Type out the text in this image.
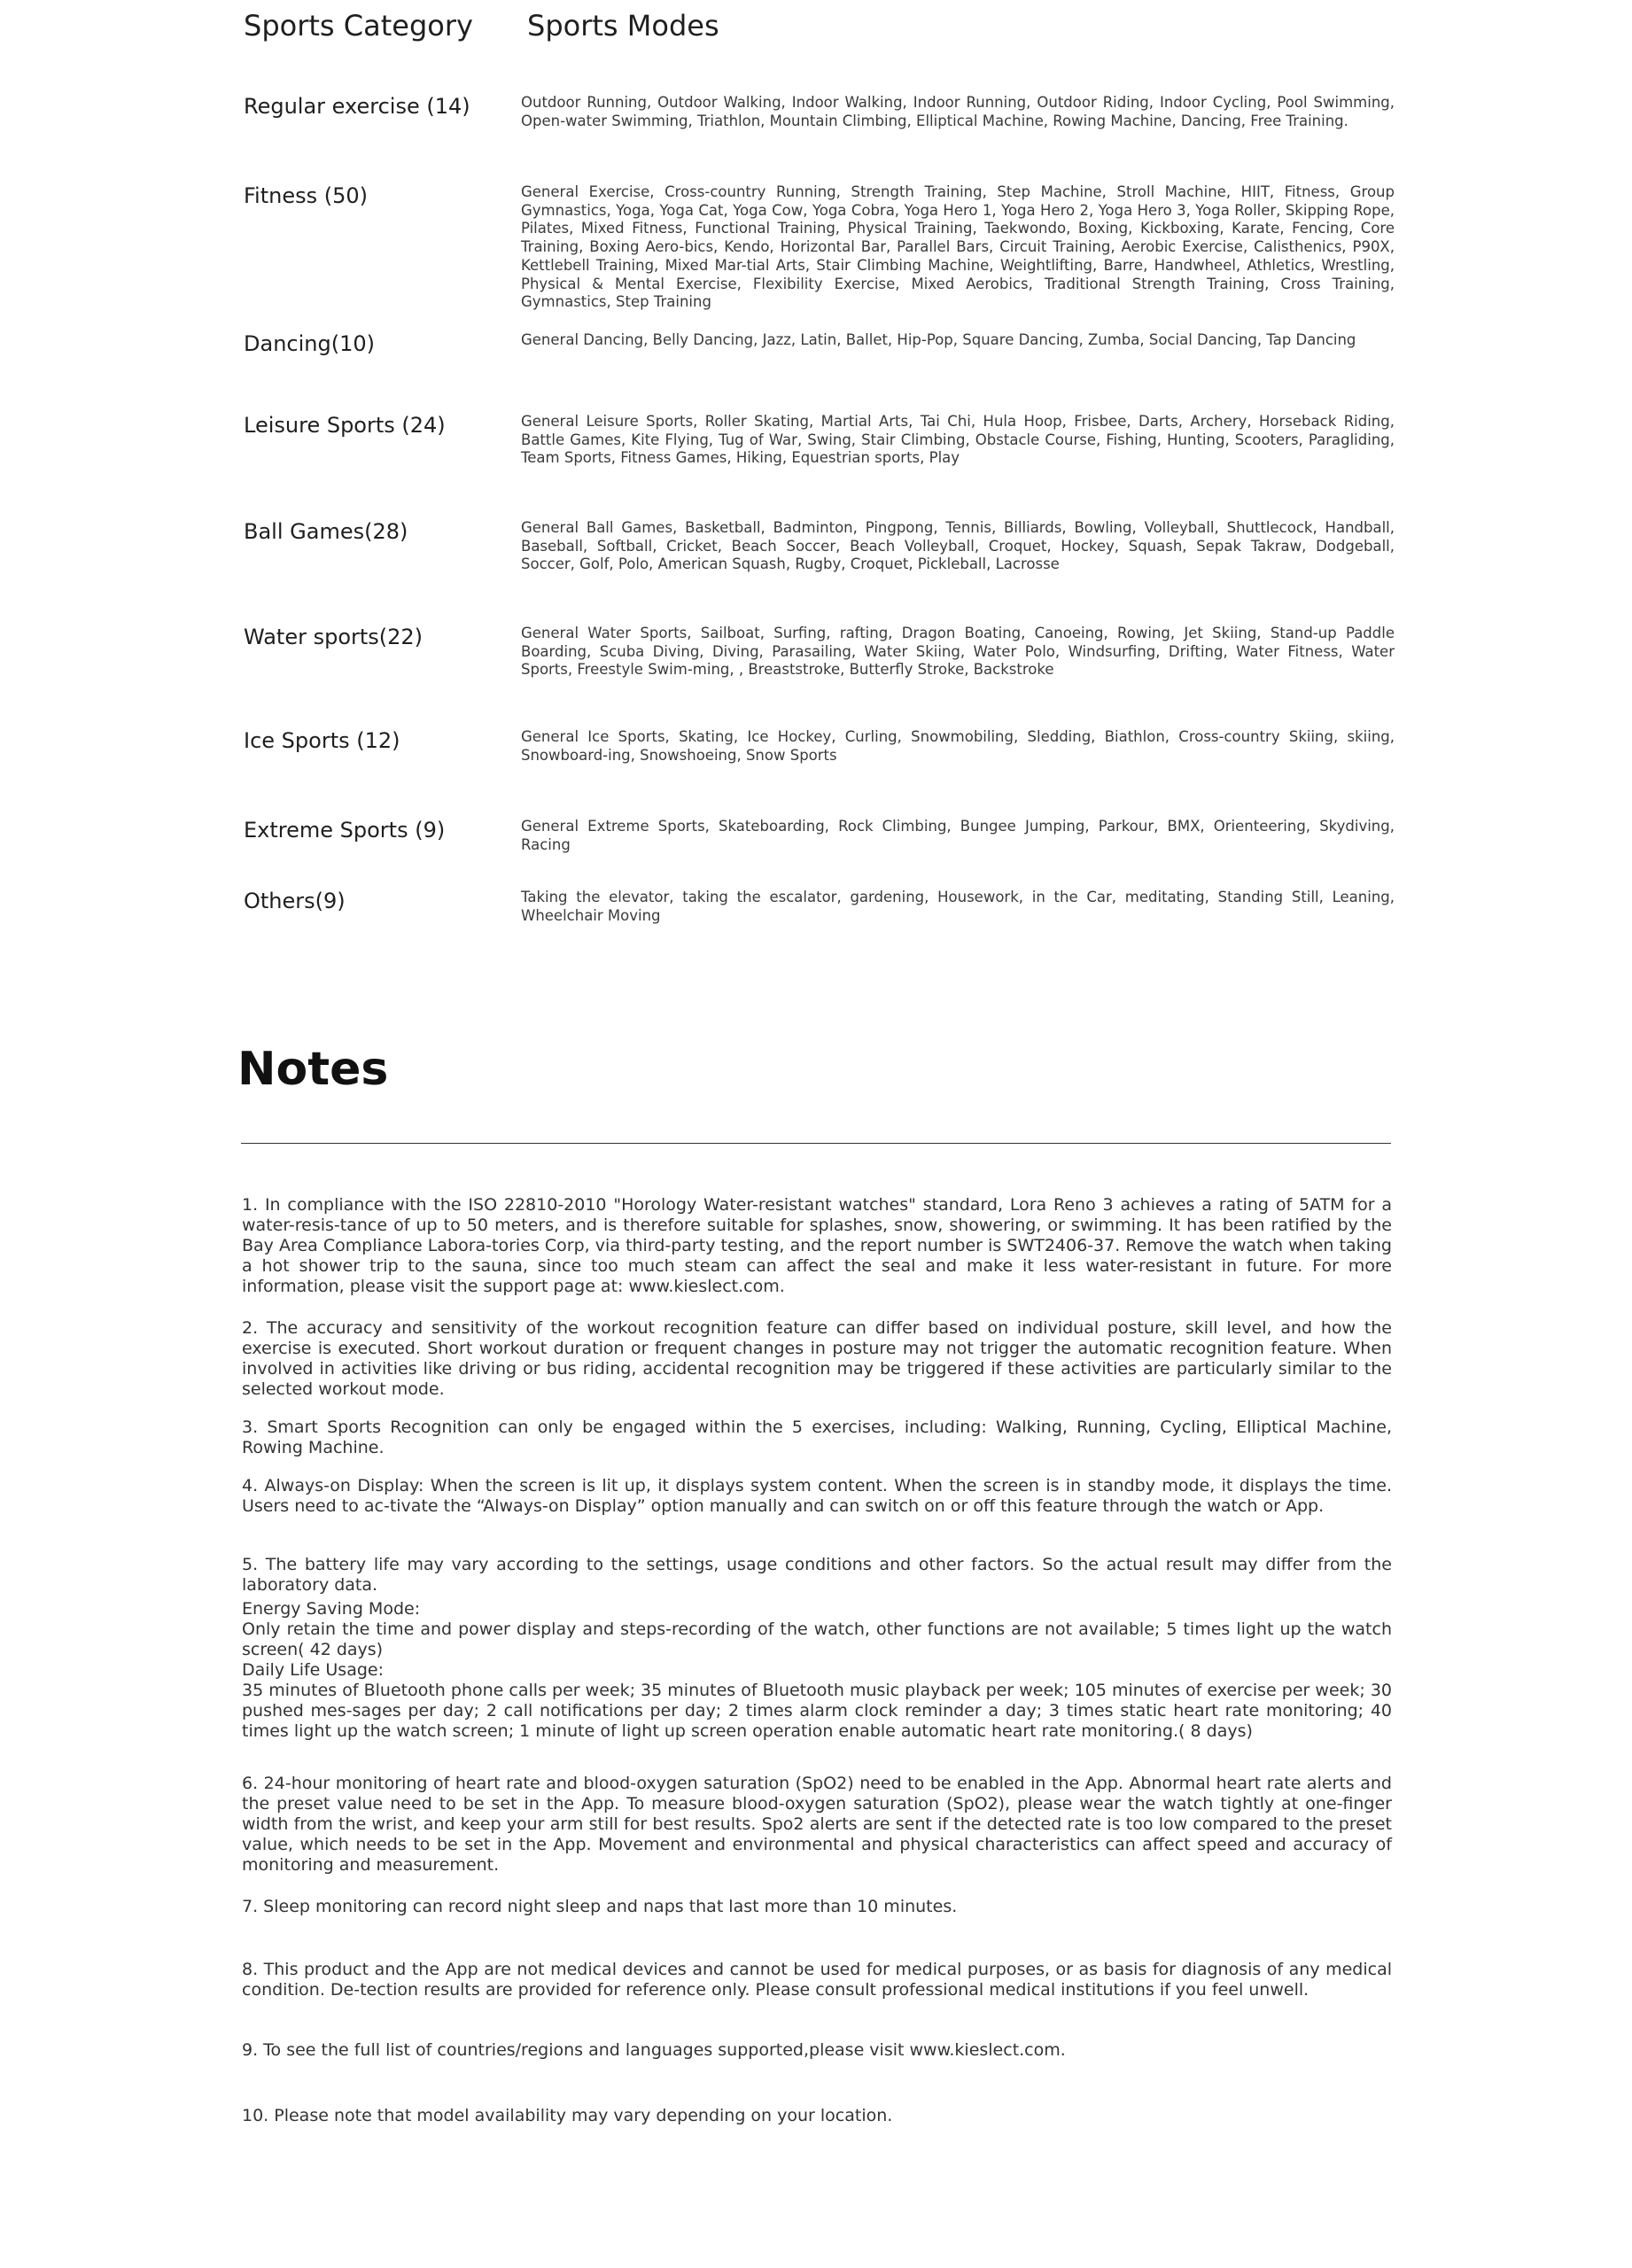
Sports Category Sports Modes
Regular exercise (14)	Outdoor Running, Outdoor Walking, Indoor Walking, Indoor Running, Outdoor Riding, Indoor Cycling, Pool Swimming, Open-water Swimming, Triathlon, Mountain Climbing, Elliptical Machine, Rowing Machine, Dancing, Free Training.
Fitness (50)	General Exercise, Cross-country Running, Strength Training, Step Machine, Stroll Machine, HIIT, Fitness, Group Gymnastics, Yoga, Yoga Cat, Yoga Cow, Yoga Cobra, Yoga Hero 1, Yoga Hero 2, Yoga Hero 3, Yoga Roller, Skipping Rope, Pilates, Mixed Fitness, Functional Training, Physical Training, Taekwondo, Boxing, Kickboxing, Karate, Fencing, Core Training, Boxing Aero-bics, Kendo, Horizontal Bar, Parallel Bars, Circuit Training, Aerobic Exercise, Calisthenics, P90X, Kettlebell Training, Mixed Mar-tial Arts, Stair Climbing Machine, Weightlifting, Barre, Handwheel, Athletics, Wrestling, Physical & Mental Exercise, Flexibility Exercise, Mixed Aerobics, Traditional Strength Training, Cross Training, Gymnastics, Step Training
Dancing(10)	General Dancing, Belly Dancing, Jazz, Latin, Ballet, Hip-Pop, Square Dancing, Zumba, Social Dancing, Tap Dancing
Leisure Sports (24)	General Leisure Sports, Roller Skating, Martial Arts, Tai Chi, Hula Hoop, Frisbee, Darts, Archery, Horseback Riding, Battle Games, Kite Flying, Tug of War, Swing, Stair Climbing, Obstacle Course, Fishing, Hunting, Scooters, Paragliding, Team Sports, Fitness Games, Hiking, Equestrian sports, Play
Ball Games(28)	General Ball Games, Basketball, Badminton, Pingpong, Tennis, Billiards, Bowling, Volleyball, Shuttlecock, Handball, Baseball, Softball, Cricket, Beach Soccer, Beach Volleyball, Croquet, Hockey, Squash, Sepak Takraw, Dodgeball, Soccer, Golf, Polo, American Squash, Rugby, Croquet, Pickleball, Lacrosse
Water sports(22)	General Water Sports, Sailboat, Surfing, rafting, Dragon Boating, Canoeing, Rowing, Jet Skiing, Stand-up Paddle Boarding, Scuba Diving, Diving, Parasailing, Water Skiing, Water Polo, Windsurfing, Drifting, Water Fitness, Water Sports, Freestyle Swim-ming, , Breaststroke, Butterfly Stroke, Backstroke
Ice Sports (12)	General Ice Sports, Skating, Ice Hockey, Curling, Snowmobiling, Sledding, Biathlon, Cross-country Skiing, skiing, Snowboard-ing, Snowshoeing, Snow Sports
Extreme Sports (9)	General Extreme Sports, Skateboarding, Rock Climbing, Bungee Jumping, Parkour, BMX, Orienteering, Skydiving, Racing
Others(9)	Taking the elevator, taking the escalator, gardening, Housework, in the Car, meditating, Standing Still, Leaning, Wheelchair Moving
Notes
1. In compliance with the ISO 22810-2010 "Horology Water-resistant watches" standard, Lora Reno 3 achieves a rating of 5ATM for a water-resis-tance of up to 50 meters, and is therefore suitable for splashes, snow, showering, or swimming. It has been ratified by the Bay Area Compliance Labora-tories Corp, via third-party testing, and the report number is SWT2406-37. Remove the watch when taking a hot shower trip to the sauna, since too much steam can affect the seal and make it less water-resistant in future. For more information, please visit the support page at: www.kieslect.com.
2. The accuracy and sensitivity of the workout recognition feature can differ based on individual posture, skill level, and how the exercise is executed. Short workout duration or frequent changes in posture may not trigger the automatic recognition feature. When involved in activities like driving or bus riding, accidental recognition may be triggered if these activities are particularly similar to the selected workout mode.
3. Smart Sports Recognition can only be engaged within the 5 exercises, including: Walking, Running, Cycling, Elliptical Machine, Rowing Machine.
4. Always-on Display: When the screen is lit up, it displays system content. When the screen is in standby mode, it displays the time. Users need to ac-tivate the “Always-on Display” option manually and can switch on or off this feature through the watch or App.
5. The battery life may vary according to the settings, usage conditions and other factors. So the actual result may differ from the laboratory data.
Energy Saving Mode:
Only retain the time and power display and steps-recording of the watch, other functions are not available; 5 times light up the watch screen( 42 days)
Daily Life Usage:
35 minutes of Bluetooth phone calls per week; 35 minutes of Bluetooth music playback per week; 105 minutes of exercise per week; 30 pushed mes-sages per day; 2 call notifications per day; 2 times alarm clock reminder a day; 3 times static heart rate monitoring; 40 times light up the watch screen; 1 minute of light up screen operation enable automatic heart rate monitoring.( 8 days)
6. 24-hour monitoring of heart rate and blood-oxygen saturation (SpO2) need to be enabled in the App. Abnormal heart rate alerts and the preset value need to be set in the App. To measure blood-oxygen saturation (SpO2), please wear the watch tightly at one-finger width from the wrist, and keep your arm still for best results. Spo2 alerts are sent if the detected rate is too low compared to the preset value, which needs to be set in the App. Movement and environmental and physical characteristics can affect speed and accuracy of monitoring and measurement.
7. Sleep monitoring can record night sleep and naps that last more than 10 minutes.
8. This product and the App are not medical devices and cannot be used for medical purposes, or as basis for diagnosis of any medical condition. De-tection results are provided for reference only. Please consult professional medical institutions if you feel unwell.
9. To see the full list of countries/regions and languages supported,please visit www.kieslect.com.
10. Please note that model availability may vary depending on your location.
